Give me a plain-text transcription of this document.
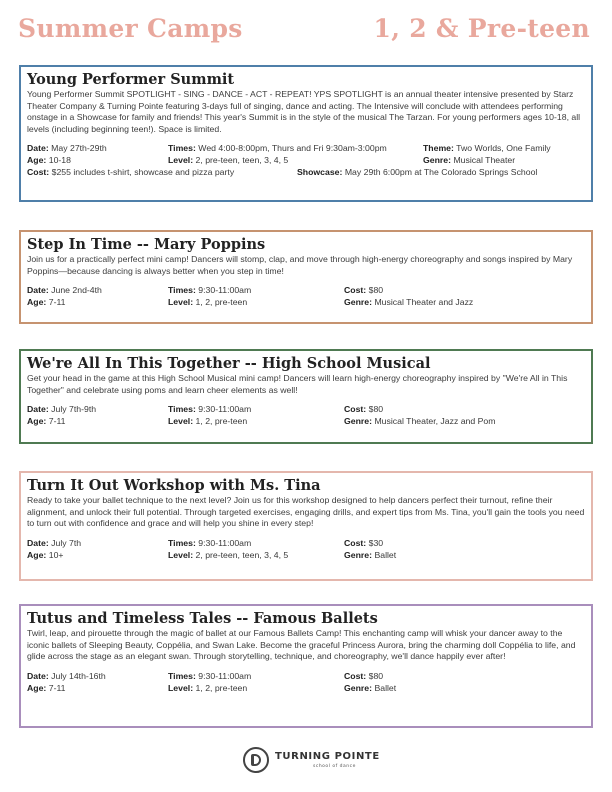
Summer Camps	1, 2 & Pre-teen
Young Performer Summit

Young Performer Summit SPOTLIGHT - SING - DANCE - ACT - REPEAT! YPS SPOTLIGHT is an annual theater intensive presented by Starz Theater Company & Turning Pointe featuring 3-days full of singing, dance and acting. The Intensive will conclude with attendees performing onstage in a Showcase for family and friends! This year's Summit is in the style of the musical The Tarzan. For young performers ages 10-18, all levels (including beginning teen!). Space is limited.

Date: May 27th-29th	Times: Wed 4:00-8:00pm, Thurs and Fri 9:30am-3:00pm	Theme: Two Worlds, One Family
Age: 10-18	Level: 2, pre-teen, teen, 3, 4, 5	Genre: Musical Theater
Cost: $255 includes t-shirt, showcase and pizza party	Showcase: May 29th 6:00pm at The Colorado Springs School
Step In Time -- Mary Poppins

Join us for a practically perfect mini camp! Dancers will stomp, clap, and move through high-energy choreography and songs inspired by Mary Poppins—because dancing is always better when you step in time!

Date: June 2nd-4th	Times: 9:30-11:00am	Cost: $80
Age: 7-11	Level: 1, 2, pre-teen	Genre: Musical Theater and Jazz
We're All In This Together -- High School Musical

Get your head in the game at this High School Musical mini camp! Dancers will learn high-energy choreography inspired by "We're All in This Together" and celebrate using poms and learn cheer elements as well!

Date: July 7th-9th	Times: 9:30-11:00am	Cost: $80
Age: 7-11	Level: 1, 2, pre-teen	Genre: Musical Theater, Jazz and Pom
Turn It Out Workshop with Ms. Tina

Ready to take your ballet technique to the next level? Join us for this workshop designed to help dancers perfect their turnout, refine their alignment, and unlock their full potential. Through targeted exercises, engaging drills, and expert tips from Ms. Tina, you'll gain the tools you need to turn out with confidence and grace and will help you shine in every step!

Date: July 7th	Times: 9:30-11:00am	Cost: $30
Age: 10+	Level: 2, pre-teen, teen, 3, 4, 5	Genre: Ballet
Tutus and Timeless Tales -- Famous Ballets

Twirl, leap, and pirouette through the magic of ballet at our Famous Ballets Camp! This enchanting camp will whisk your dancer away to the iconic ballets of Sleeping Beauty, Coppélia, and Swan Lake. Become the graceful Princess Aurora, bring the charming doll Coppélia to life, and glide across the stage as an elegant swan. Through storytelling, technique, and choreography, we'll dance happily ever after!

Date: July 14th-16th	Times: 9:30-11:00am	Cost: $80
Age: 7-11	Level: 1, 2, pre-teen	Genre: Ballet
TURNING POINTE
school of dance
